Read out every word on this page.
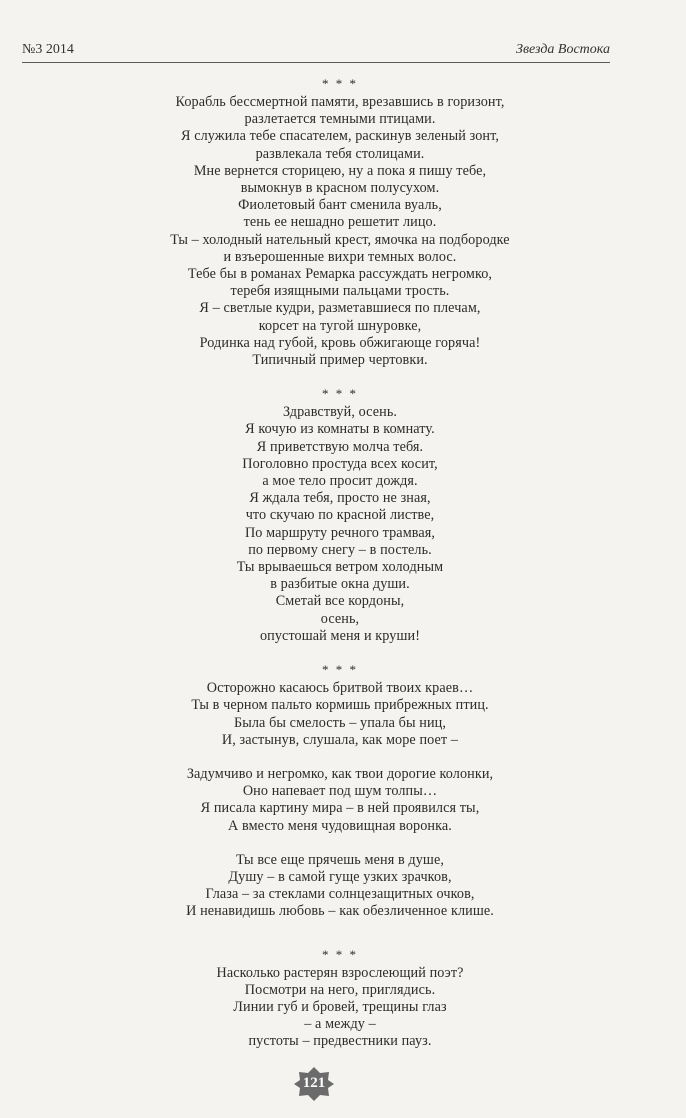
№3 2014	Звезда Востока
* * *
Корабль бессмертной памяти, врезавшись в горизонт,
разлетается темными птицами.
Я служила тебе спасателем, раскинув зеленый зонт,
развлекала тебя столицами.
Мне вернется сторицею, ну а пока я пишу тебе,
вымокнув в красном полусухом.
Фиолетовый бант сменила вуаль,
тень ее нешадно решетит лицо.
Ты – холодный нательный крест, ямочка на подбородке
и взъерошенные вихри темных волос.
Тебе бы в романах Ремарка рассуждать негромко,
теребя изящными пальцами трость.
Я – светлые кудри, разметавшиеся по плечам,
корсет на тугой шнуровке,
Родинка над губой, кровь обжигающе горяча!
Типичный пример чертовки.
* * *
Здравствуй, осень.
Я кочую из комнаты в комнату.
Я приветствую молча тебя.
Поголовно простуда всех косит,
а мое тело просит дождя.
Я ждала тебя, просто не зная,
что скучаю по красной листве,
По маршруту речного трамвая,
по первому снегу – в постель.
Ты врываешься ветром холодным
в разбитые окна души.
Сметай все кордоны,
осень,
опустошай меня и круши!
* * *
Осторожно касаюсь бритвой твоих краев…
Ты в черном пальто кормишь прибрежных птиц.
Была бы смелость – упала бы ниц,
И, застынув, слушала, как море поет –
Задумчиво и негромко, как твои дорогие колонки,
Оно напевает под шум толпы…
Я писала картину мира – в ней проявился ты,
А вместо меня чудовищная воронка.
Ты все еще прячешь меня в душе,
Душу – в самой гуще узких зрачков,
Глаза – за стеклами солнцезащитных очков,
И ненавидишь любовь – как обезличенное клише.
* * *
Насколько растерян взрослеющий поэт?
Посмотри на него, приглядись.
Линии губ и бровей, трещины глаз
– а между –
пустоты – предвестники пауз.
121
